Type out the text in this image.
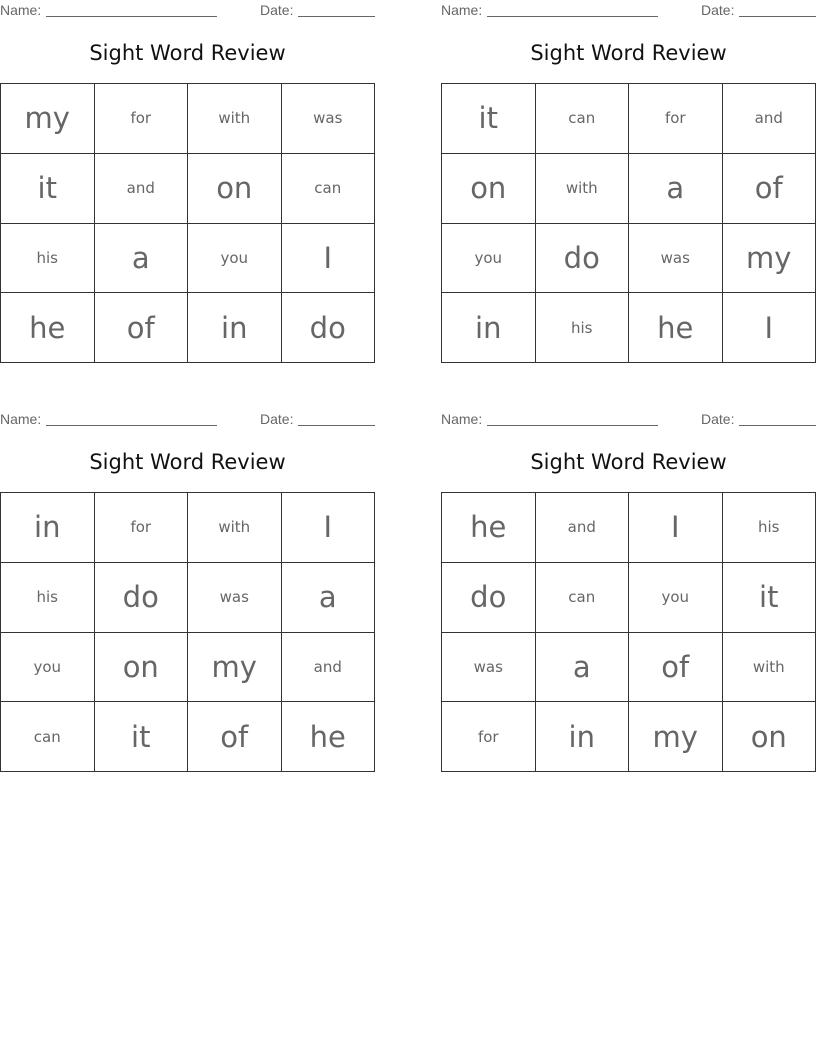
Name:	Date:
Sight Word Review
my	for	with	was
it	and	on	can
his	a	you	I
he	of	in	do
Name:	Date:
Sight Word Review
it	can	for	and
on	with	a	of
you	do	was	my
in	his	he	I
Name:	Date:
Sight Word Review
in	for	with	I
his	do	was	a
you	on	my	and
can	it	of	he
Name:	Date:
Sight Word Review
he	and	I	his
do	can	you	it
was	a	of	with
for	in	my	on
